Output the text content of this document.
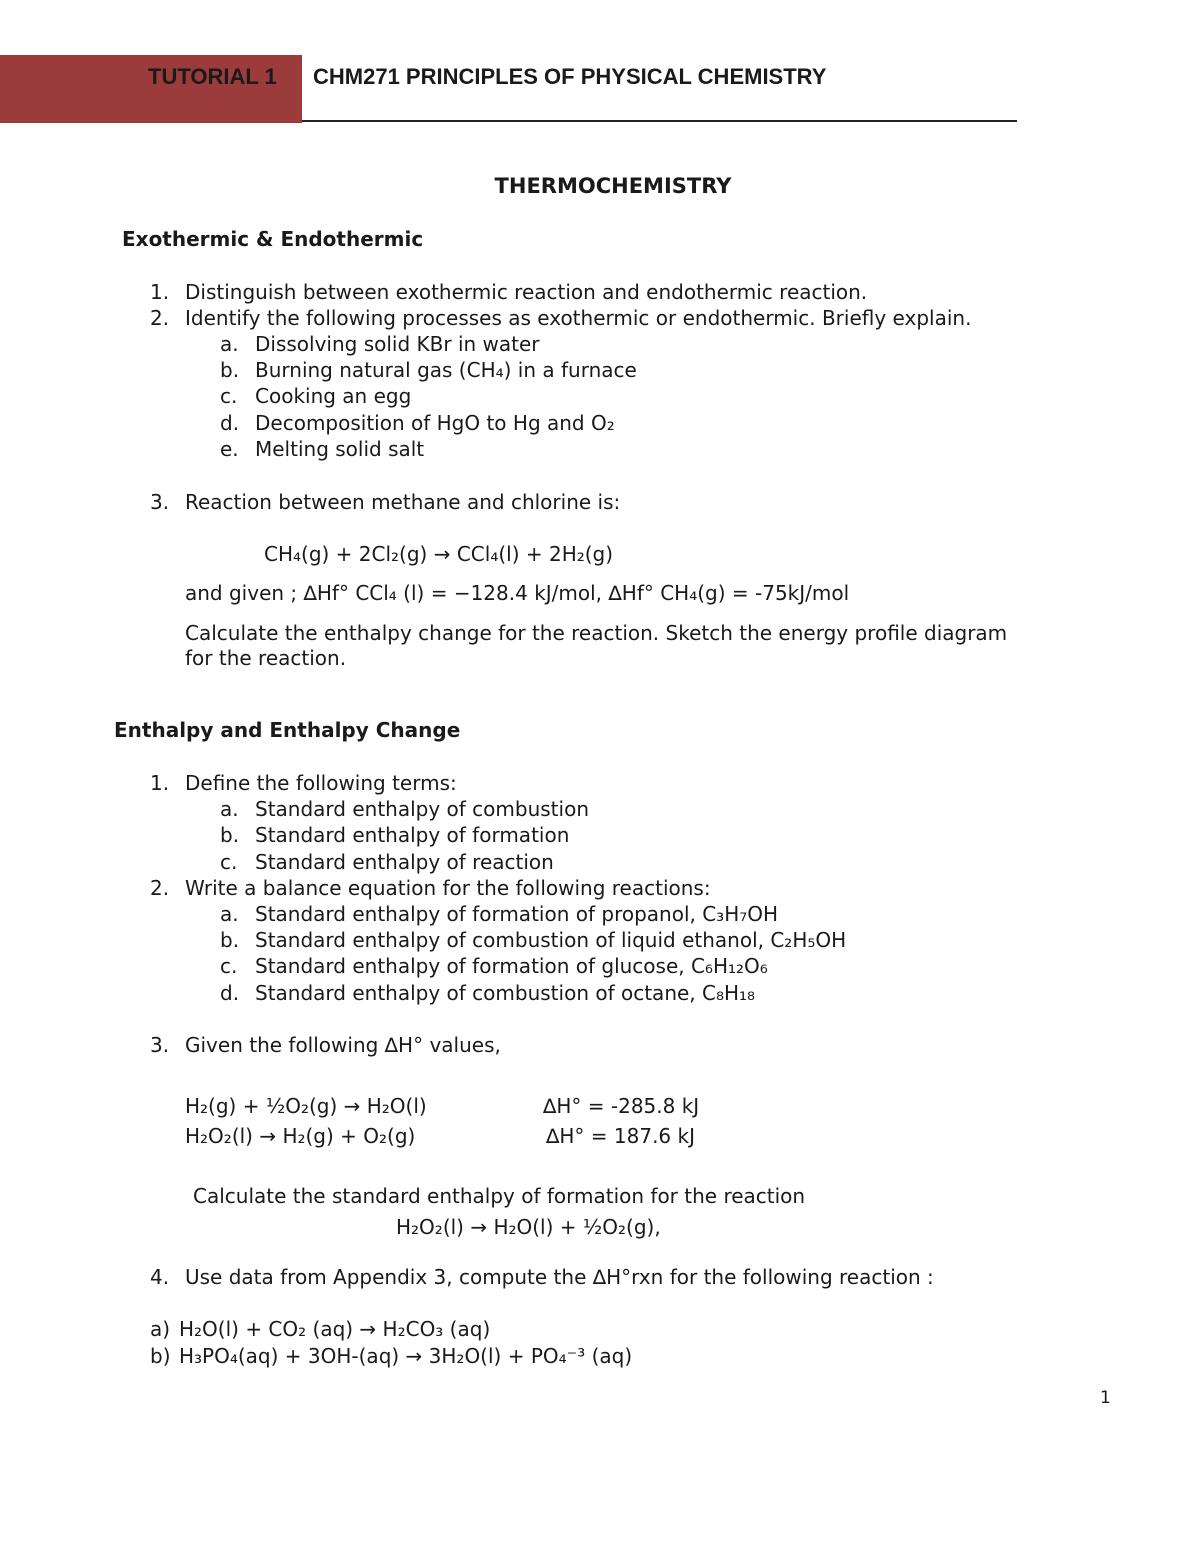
TUTORIAL 1 CHM271 PRINCIPLES OF PHYSICAL CHEMISTRY
THERMOCHEMISTRY
Exothermic & Endothermic
1. Distinguish between exothermic reaction and endothermic reaction.
2. Identify the following processes as exothermic or endothermic. Briefly explain.
a. Dissolving solid KBr in water
b. Burning natural gas (CH₄) in a furnace
c. Cooking an egg
d. Decomposition of HgO to Hg and O₂
e. Melting solid salt
3. Reaction between methane and chlorine is:
CH₄(g) + 2Cl₂(g) → CCl₄(l) + 2H₂(g)
and given ; ∆Hf° CCl₄ (l) = −128.4 kJ/mol, ∆Hf° CH₄(g) = -75kJ/mol
Calculate the enthalpy change for the reaction. Sketch the energy profile diagram
for the reaction.
Enthalpy and Enthalpy Change
1. Define the following terms:
a. Standard enthalpy of combustion
b. Standard enthalpy of formation
c. Standard enthalpy of reaction
2. Write a balance equation for the following reactions:
a. Standard enthalpy of formation of propanol, C₃H₇OH
b. Standard enthalpy of combustion of liquid ethanol, C₂H₅OH
c. Standard enthalpy of formation of glucose, C₆H₁₂O₆
d. Standard enthalpy of combustion of octane, C₈H₁₈
3. Given the following ∆H° values,
H₂(g) + ½O₂(g) → H₂O(l)	∆H° = -285.8 kJ
H₂O₂(l) → H₂(g) + O₂(g)	∆H° = 187.6 kJ
Calculate the standard enthalpy of formation for the reaction
H₂O₂(l) → H₂O(l) + ½O₂(g),
4. Use data from Appendix 3, compute the ∆H°rxn for the following reaction :
a) H₂O(l) + CO₂ (aq) → H₂CO₃ (aq)
b) H₃PO₄(aq) + 3OH-(aq) → 3H₂O(l) + PO₄⁻³ (aq)
1
